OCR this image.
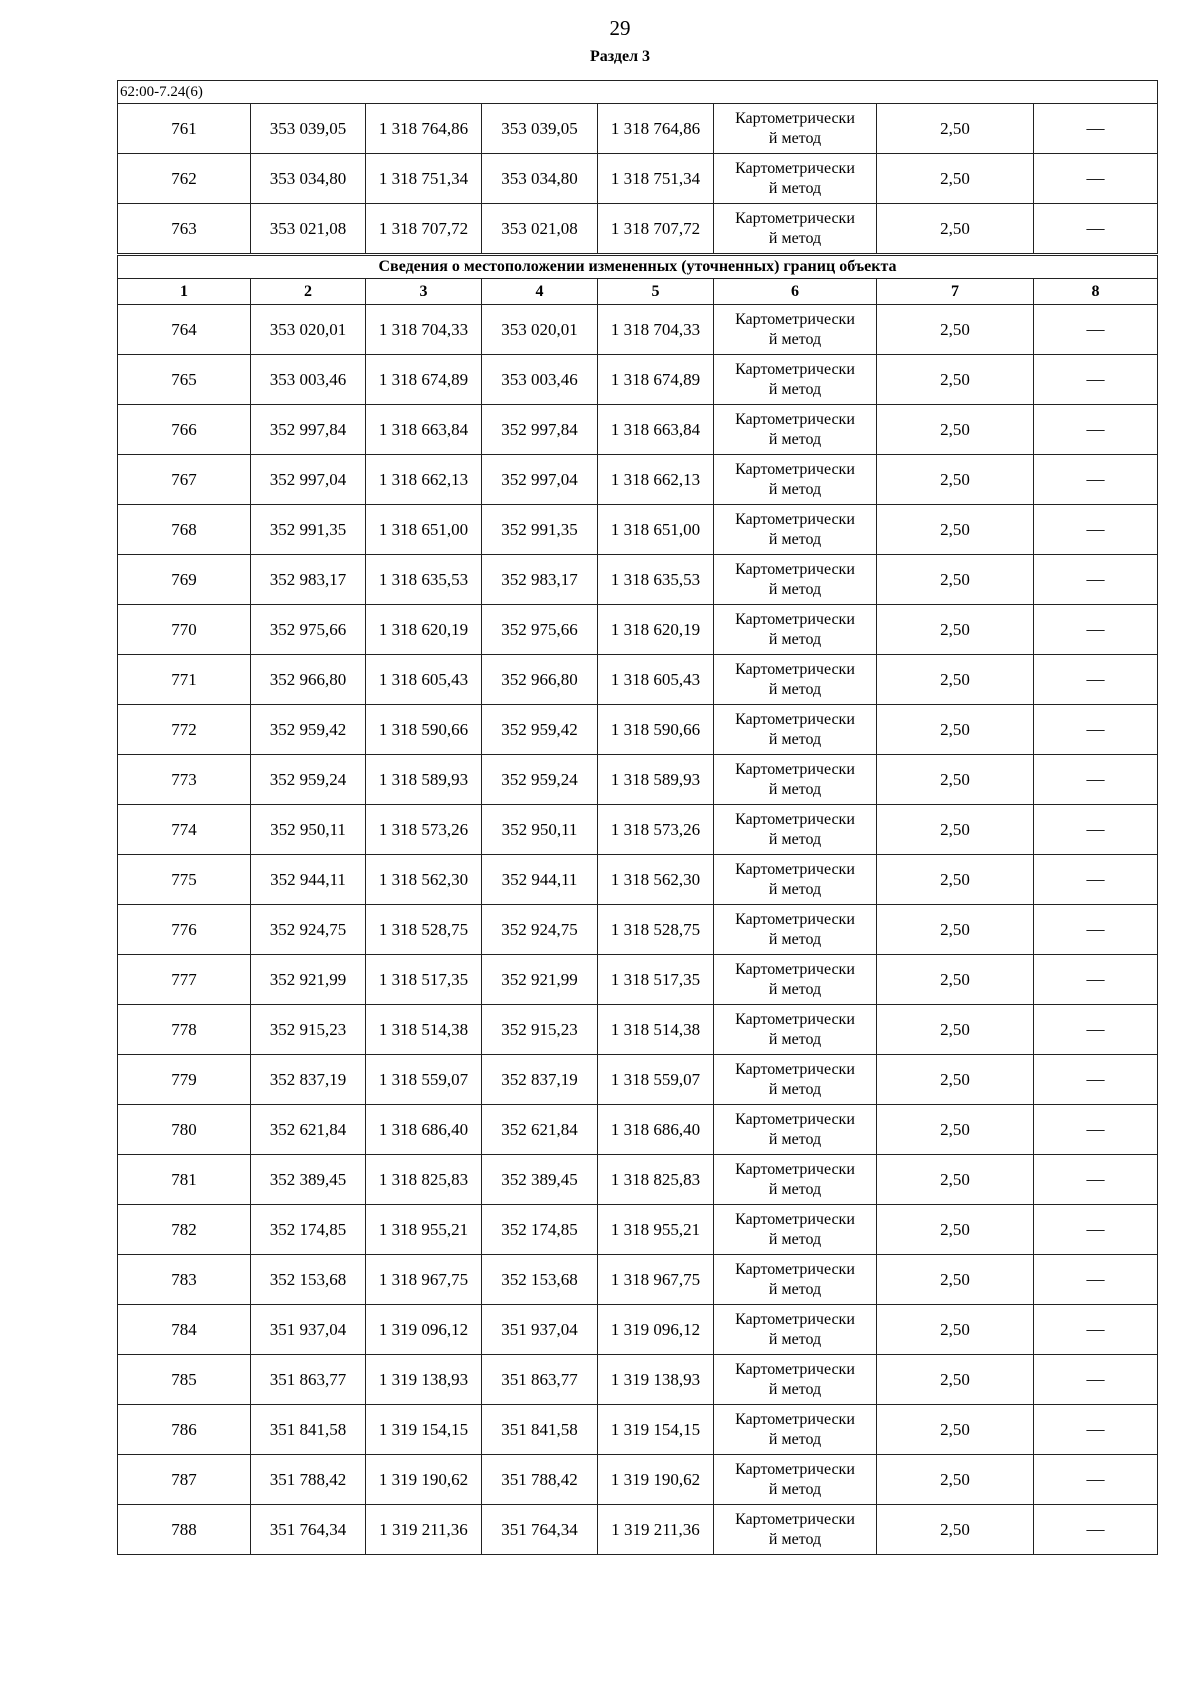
29
Раздел 3
62:00-7.24(6)							
761	353 039,05	1 318 764,86	353 039,05	1 318 764,86	Картометрически
й метод	2,50	—
762	353 034,80	1 318 751,34	353 034,80	1 318 751,34	Картометрически
й метод	2,50	—
763	353 021,08	1 318 707,72	353 021,08	1 318 707,72	Картометрически
й метод	2,50	—
Сведения о местоположении измененных (уточненных) границ объекта							
1	2	3	4	5	6	7	8
764	353 020,01	1 318 704,33	353 020,01	1 318 704,33	Картометрически
й метод	2,50	—
765	353 003,46	1 318 674,89	353 003,46	1 318 674,89	Картометрически
й метод	2,50	—
766	352 997,84	1 318 663,84	352 997,84	1 318 663,84	Картометрически
й метод	2,50	—
767	352 997,04	1 318 662,13	352 997,04	1 318 662,13	Картометрически
й метод	2,50	—
768	352 991,35	1 318 651,00	352 991,35	1 318 651,00	Картометрически
й метод	2,50	—
769	352 983,17	1 318 635,53	352 983,17	1 318 635,53	Картометрически
й метод	2,50	—
770	352 975,66	1 318 620,19	352 975,66	1 318 620,19	Картометрически
й метод	2,50	—
771	352 966,80	1 318 605,43	352 966,80	1 318 605,43	Картометрически
й метод	2,50	—
772	352 959,42	1 318 590,66	352 959,42	1 318 590,66	Картометрически
й метод	2,50	—
773	352 959,24	1 318 589,93	352 959,24	1 318 589,93	Картометрически
й метод	2,50	—
774	352 950,11	1 318 573,26	352 950,11	1 318 573,26	Картометрически
й метод	2,50	—
775	352 944,11	1 318 562,30	352 944,11	1 318 562,30	Картометрически
й метод	2,50	—
776	352 924,75	1 318 528,75	352 924,75	1 318 528,75	Картометрически
й метод	2,50	—
777	352 921,99	1 318 517,35	352 921,99	1 318 517,35	Картометрически
й метод	2,50	—
778	352 915,23	1 318 514,38	352 915,23	1 318 514,38	Картометрически
й метод	2,50	—
779	352 837,19	1 318 559,07	352 837,19	1 318 559,07	Картометрически
й метод	2,50	—
780	352 621,84	1 318 686,40	352 621,84	1 318 686,40	Картометрически
й метод	2,50	—
781	352 389,45	1 318 825,83	352 389,45	1 318 825,83	Картометрически
й метод	2,50	—
782	352 174,85	1 318 955,21	352 174,85	1 318 955,21	Картометрически
й метод	2,50	—
783	352 153,68	1 318 967,75	352 153,68	1 318 967,75	Картометрически
й метод	2,50	—
784	351 937,04	1 319 096,12	351 937,04	1 319 096,12	Картометрически
й метод	2,50	—
785	351 863,77	1 319 138,93	351 863,77	1 319 138,93	Картометрически
й метод	2,50	—
786	351 841,58	1 319 154,15	351 841,58	1 319 154,15	Картометрически
й метод	2,50	—
787	351 788,42	1 319 190,62	351 788,42	1 319 190,62	Картометрически
й метод	2,50	—
788	351 764,34	1 319 211,36	351 764,34	1 319 211,36	Картометрически
й метод	2,50	—
